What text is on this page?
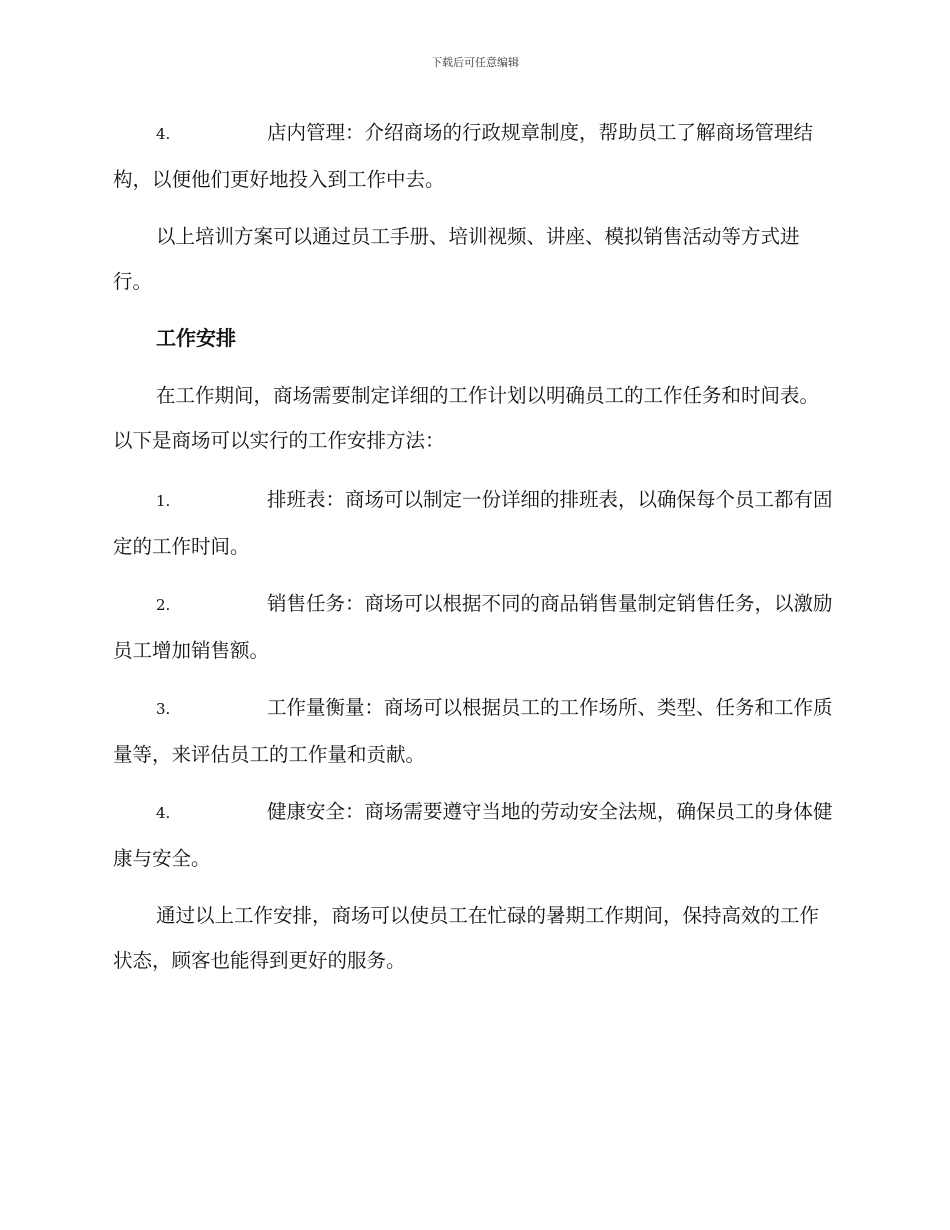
下载后可任意编辑

4.	店内管理：介绍商场的行政规章制度，帮助员工了解商场管理结构，以便他们更好地投入到工作中去。

以上培训方案可以通过员工手册、培训视频、讲座、模拟销售活动等方式进行。

工作安排

在工作期间，商场需要制定详细的工作计划以明确员工的工作任务和时间表。以下是商场可以实行的工作安排方法：

1.	排班表：商场可以制定一份详细的排班表，以确保每个员工都有固定的工作时间。

2.	销售任务：商场可以根据不同的商品销售量制定销售任务，以激励员工增加销售额。

3.	工作量衡量：商场可以根据员工的工作场所、类型、任务和工作质量等，来评估员工的工作量和贡献。

4.	健康安全：商场需要遵守当地的劳动安全法规，确保员工的身体健康与安全。

通过以上工作安排，商场可以使员工在忙碌的暑期工作期间，保持高效的工作状态，顾客也能得到更好的服务。
